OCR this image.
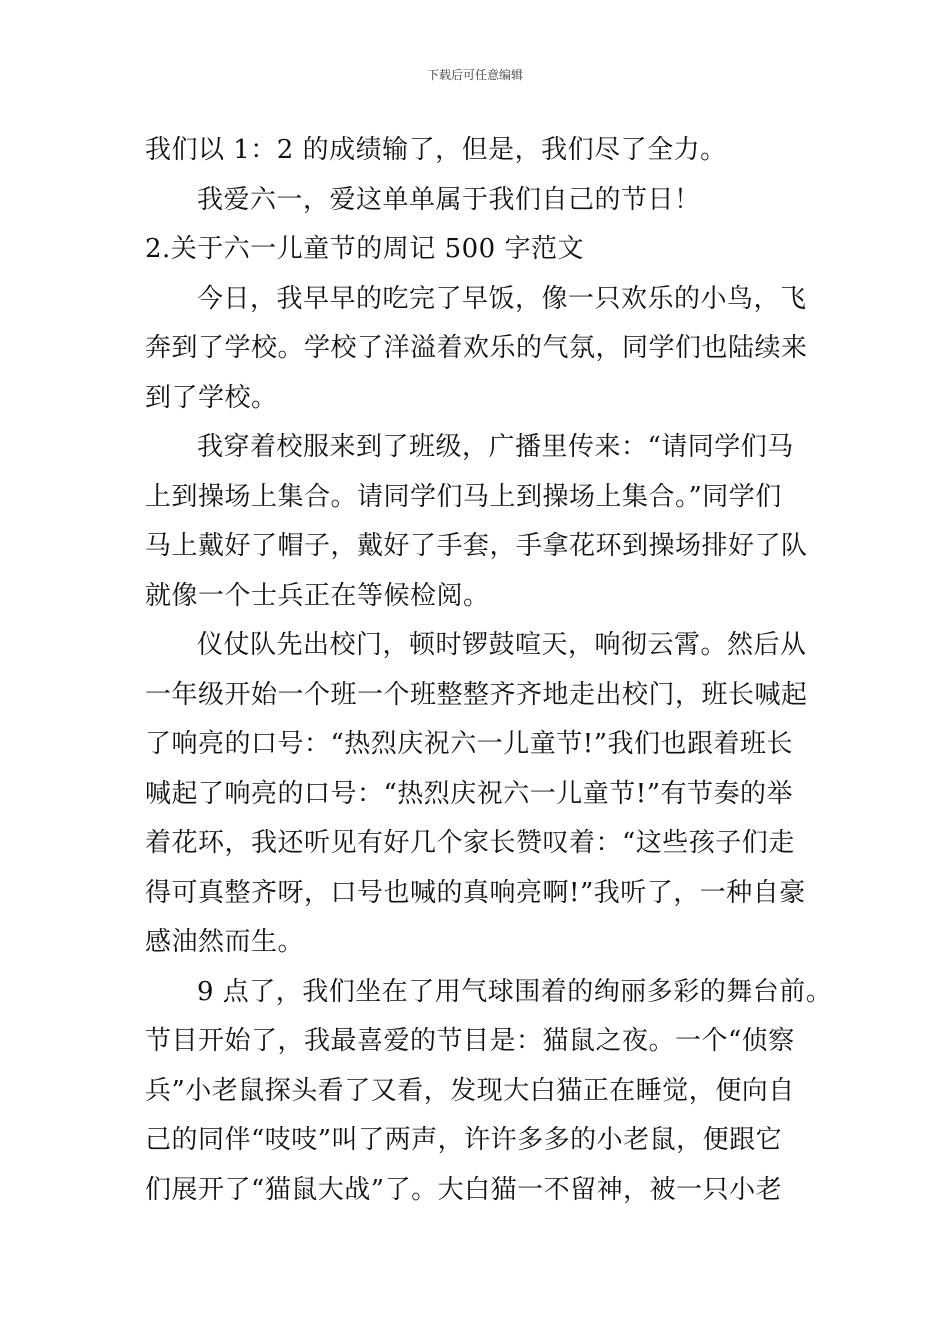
下载后可任意编辑
我们以 1：2 的成绩输了，但是，我们尽了全力。
我爱六一，爱这单单属于我们自己的节日！
2.关于六一儿童节的周记 500 字范文
今日，我早早的吃完了早饭，像一只欢乐的小鸟，飞
奔到了学校。学校了洋溢着欢乐的气氛，同学们也陆续来
到了学校。
我穿着校服来到了班级，广播里传来：“请同学们马
上到操场上集合。请同学们马上到操场上集合。”同学们
马上戴好了帽子，戴好了手套，手拿花环到操场排好了队
就像一个士兵正在等候检阅。
仪仗队先出校门，顿时锣鼓喧天，响彻云霄。然后从
一年级开始一个班一个班整整齐齐地走出校门，班长喊起
了响亮的口号：“热烈庆祝六一儿童节!”我们也跟着班长
喊起了响亮的口号：“热烈庆祝六一儿童节!”有节奏的举
着花环，我还听见有好几个家长赞叹着：“这些孩子们走
得可真整齐呀，口号也喊的真响亮啊!”我听了，一种自豪
感油然而生。
9 点了，我们坐在了用气球围着的绚丽多彩的舞台前。
节目开始了，我最喜爱的节目是：猫鼠之夜。一个“侦察
兵”小老鼠探头看了又看，发现大白猫正在睡觉，便向自
己的同伴“吱吱”叫了两声，许许多多的小老鼠，便跟它
们展开了“猫鼠大战”了。大白猫一不留神，被一只小老
